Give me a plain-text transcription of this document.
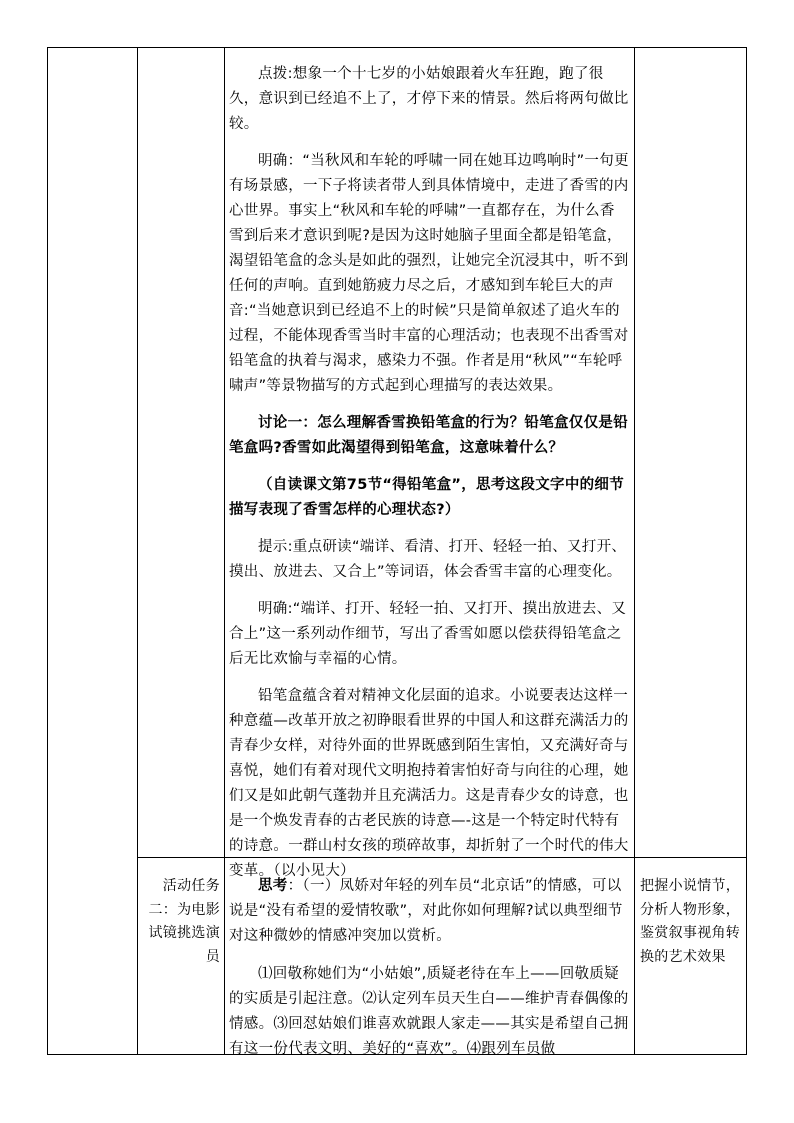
点拨:想象一个十七岁的小姑娘跟着火车狂跑，跑了很久，意识到已经追不上了，才停下来的情景。然后将两句做比较。

明确：“当秋风和车轮的呼啸一同在她耳边鸣响时”一句更有场景感，一下子将读者带人到具体情境中，走进了香雪的内心世界。事实上“秋风和车轮的呼啸”一直都存在，为什么香雪到后来才意识到呢?是因为这时她脑子里面全都是铅笔盒，渴望铅笔盒的念头是如此的强烈，让她完全沉浸其中，听不到任何的声响。直到她筋疲力尽之后，才感知到车轮巨大的声音:“当她意识到已经追不上的时候”只是简单叙述了追火车的过程，不能体现香雪当时丰富的心理活动；也表现不出香雪对铅笔盒的执着与渴求，感染力不强。作者是用“秋风”“车轮呼啸声”等景物描写的方式起到心理描写的表达效果。

讨论一：怎么理解香雪换铅笔盒的行为？铅笔盒仅仅是铅笔盒吗?香雪如此渴望得到铅笔盒，这意味着什么？

（自读课文第75节“得铅笔盒”，思考这段文字中的细节描写表现了香雪怎样的心理状态?）

提示:重点研读“端详、看清、打开、轻轻一拍、又打开、摸出、放进去、又合上”等词语，体会香雪丰富的心理变化。

明确:“端详、打开、轻轻一拍、又打开、摸出放进去、又合上”这一系列动作细节，写出了香雪如愿以偿获得铅笔盒之后无比欢愉与幸福的心情。

铅笔盒蕴含着对精神文化层面的追求。小说要表达这样一种意蕴—改革开放之初睁眼看世界的中国人和这群充满活力的青春少女样，对待外面的世界既感到陌生害怕，又充满好奇与喜悦，她们有着对现代文明抱持着害怕好奇与向往的心理，她们又是如此朝气蓬勃并且充满活力。这是青春少女的诗意，也是一个焕发青春的古老民族的诗意—-这是一个特定时代特有的诗意。一群山村女孩的琐碎故事，却折射了一个时代的伟大变革。（以小见大）

活动任务二：为电影试镜挑选演员

思考：（一）凤娇对年轻的列车员“北京话”的情感，可以说是“没有希望的爱情牧歌”，对此你如何理解?试以典型细节对这种微妙的情感冲突加以赏析。

⑴回敬称她们为“小姑娘”,质疑老待在车上——回敬质疑的实质是引起注意。⑵认定列车员天生白——维护青春偶像的情感。⑶回怼姑娘们谁喜欢就跟人家走——其实是希望自己拥有这一份代表文明、美好的“喜欢”。⑷跟列车员做

把握小说情节，分析人物形象，鉴赏叙事视角转换的艺术效果
